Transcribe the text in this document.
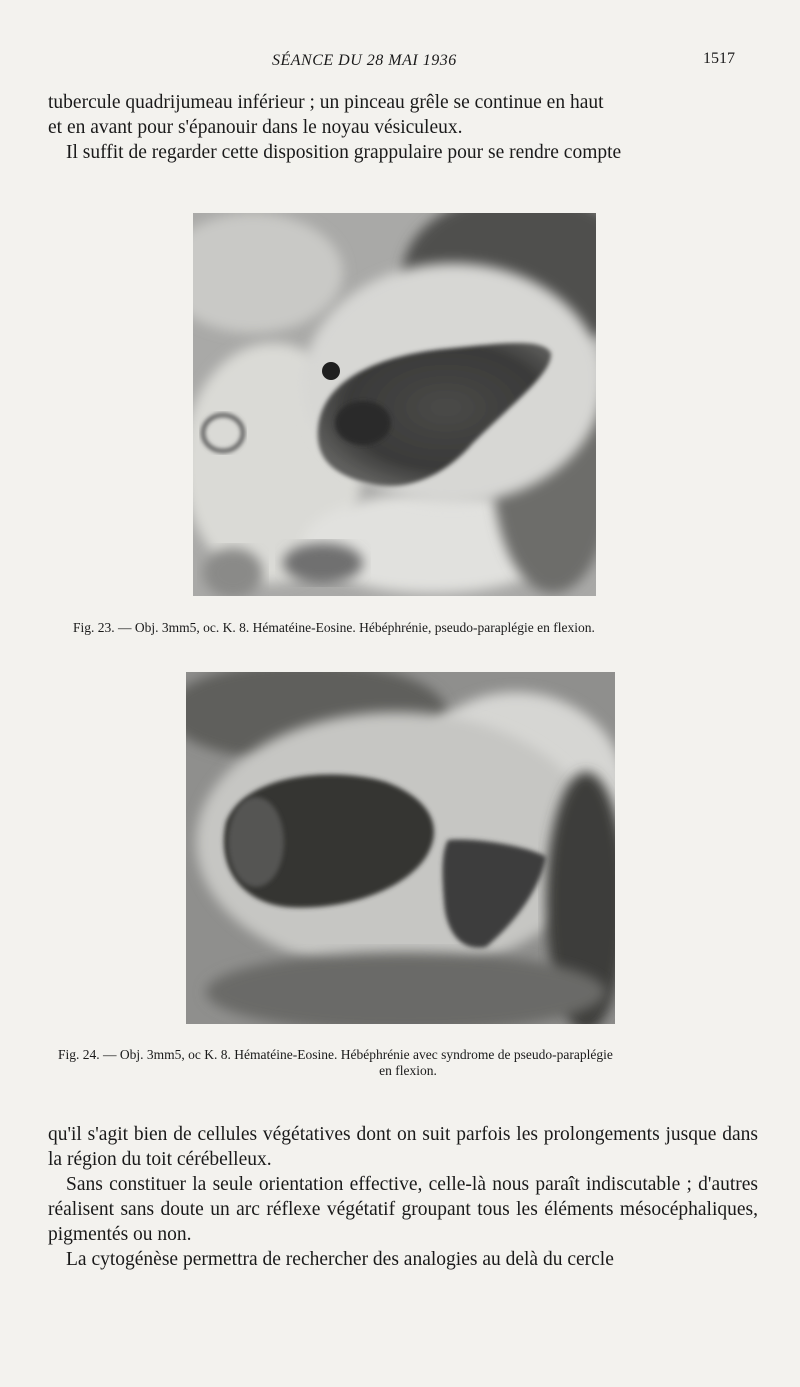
SÉANCE DU 28 MAI 1936	1517

tubercule quadrijumeau inférieur ; un pinceau grêle se continue en haut

et en avant pour s'épanouir dans le noyau vésiculeux.

Il suffit de regarder cette disposition grappulaire pour se rendre compte

Fig. 23. — Obj. 3mm5, oc. K. 8. Hématéine-Eosine. Hébéphrénie, pseudo-paraplégie en flexion.
Fig. 24. — Obj. 3mm5, oc K. 8. Hématéine-Eosine. Hébéphrénie avec syndrome de pseudo-paraplégie
en flexion.

qu'il s'agit bien de cellules végétatives dont on suit parfois les prolongements jusque dans la région du toit cérébelleux.

Sans constituer la seule orientation effective, celle-là nous paraît indiscutable ; d'autres réalisent sans doute un arc réflexe végétatif groupant tous les éléments mésocéphaliques, pigmentés ou non.

La cytogénèse permettra de rechercher des analogies au delà du cercle
